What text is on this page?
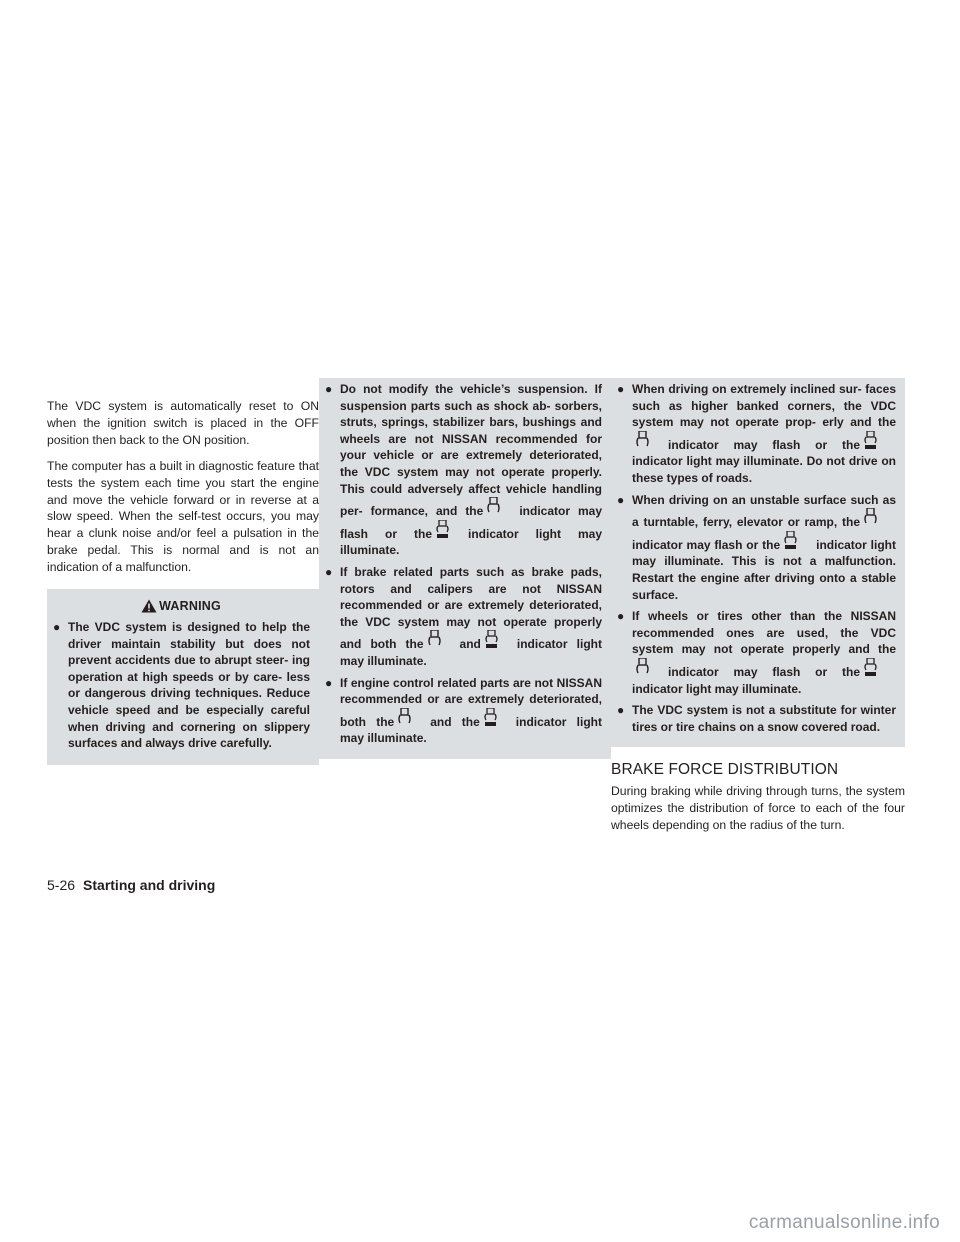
The VDC system is automatically reset to ON when the ignition switch is placed in the OFF position then back to the ON position.

The computer has a built in diagnostic feature that tests the system each time you start the engine and move the vehicle forward or in reverse at a slow speed. When the self-test occurs, you may hear a clunk noise and/or feel a pulsation in the brake pedal. This is normal and is not an indication of a malfunction.

WARNING
● The VDC system is designed to help the driver maintain stability but does not prevent accidents due to abrupt steer- ing operation at high speeds or by care- less or dangerous driving techniques. Reduce vehicle speed and be especially careful when driving and cornering on slippery surfaces and always drive carefully.
● Do not modify the vehicle’s suspension. If suspension parts such as shock ab- sorbers, struts, springs, stabilizer bars, bushings and wheels are not NISSAN recommended for your vehicle or are extremely deteriorated, the VDC system may not operate properly. This could adversely affect vehicle handling per- formance, and the	indicator may flash or the	indicator light may illuminate.
● If brake related parts such as brake pads, rotors and calipers are not NISSAN recommended or are extremely deteriorated, the VDC system may not operate properly and both the	and	indicator light may illuminate.
● If engine control related parts are not NISSAN recommended or are extremely deteriorated, both the	and the	indicator light may illuminate.
● When driving on extremely inclined sur- faces such as higher banked corners, the VDC system may not operate prop- erly and the
indicator may flash or the
indicator light may illuminate. Do not drive on these types of roads.
● When driving on an unstable surface such as a turntable, ferry, elevator or ramp, the
indicator may flash or the	indicator light may illuminate. This is not a malfunction. Restart the engine after driving onto a stable surface.
● If wheels or tires other than the NISSAN recommended ones are used, the VDC system may not operate properly and the
indicator may flash or the
indicator light may illuminate.
● The VDC system is not a substitute for winter tires or tire chains on a snow covered road.
BRAKE FORCE DISTRIBUTION

During braking while driving through turns, the system optimizes the distribution of force to each of the four wheels depending on the radius of the turn.

5-26 Starting and driving
carmanualsonline.info
